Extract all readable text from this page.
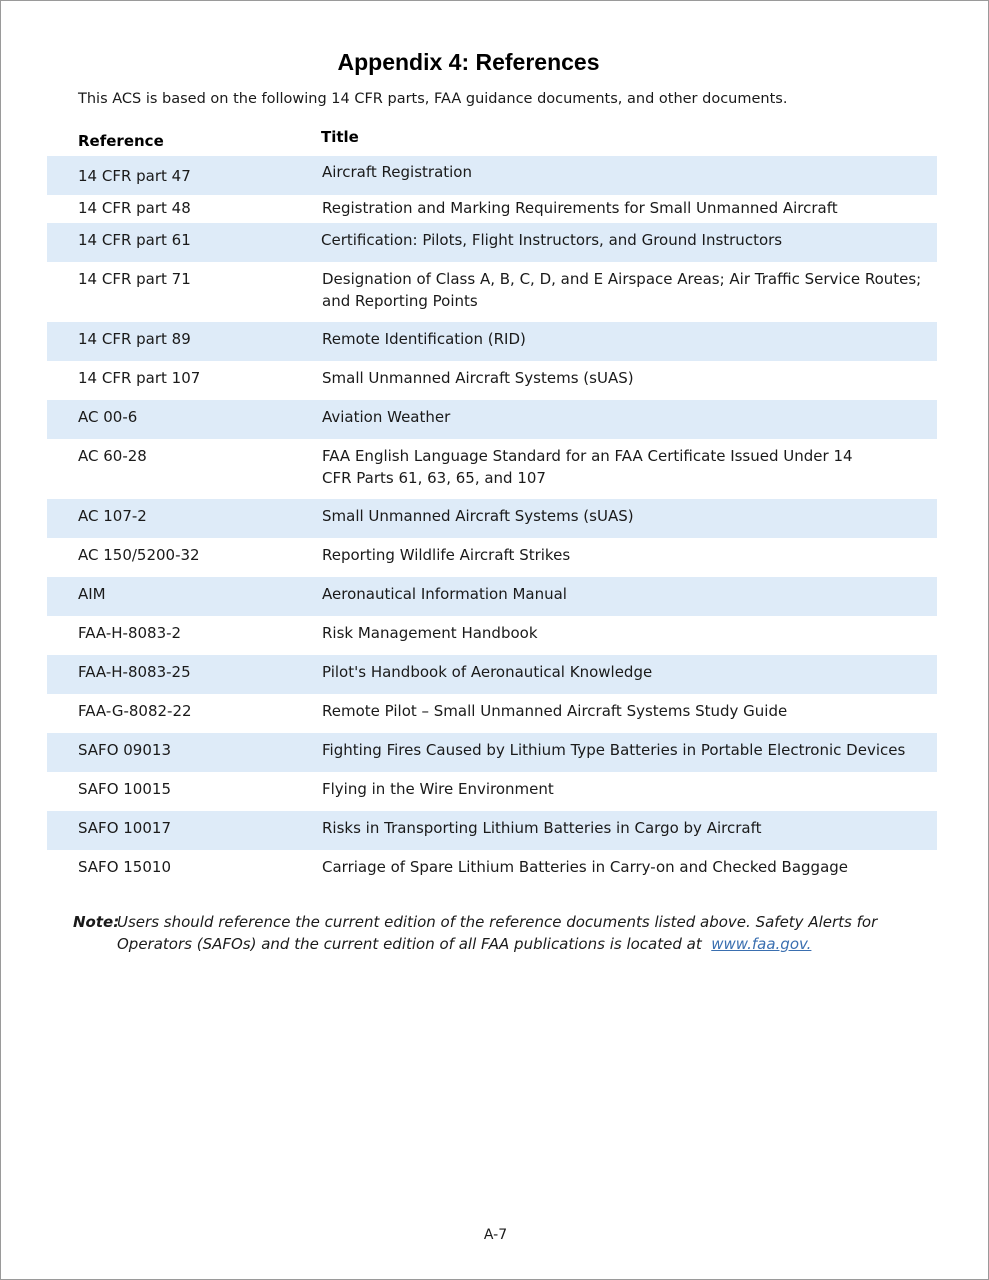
Appendix 4: References
This ACS is based on the following 14 CFR parts, FAA guidance documents, and other documents.
Reference	Title
14 CFR part 47	Aircraft Registration
14 CFR part 48	Registration and Marking Requirements for Small Unmanned Aircraft
14 CFR part 61	Certification: Pilots, Flight Instructors, and Ground Instructors
14 CFR part 71	Designation of Class A, B, C, D, and E Airspace Areas; Air Traffic Service Routes; and Reporting Points
14 CFR part 89	Remote Identification (RID)
14 CFR part 107	Small Unmanned Aircraft Systems (sUAS)
AC 00-6	Aviation Weather
AC 60-28	FAA English Language Standard for an FAA Certificate Issued Under 14 CFR Parts 61, 63, 65, and 107
AC 107-2	Small Unmanned Aircraft Systems (sUAS)
AC 150/5200-32	Reporting Wildlife Aircraft Strikes
AIM	Aeronautical Information Manual
FAA-H-8083-2	Risk Management Handbook
FAA-H-8083-25	Pilot's Handbook of Aeronautical Knowledge
FAA-G-8082-22	Remote Pilot – Small Unmanned Aircraft Systems Study Guide
SAFO 09013	Fighting Fires Caused by Lithium Type Batteries in Portable Electronic Devices
SAFO 10015	Flying in the Wire Environment
SAFO 10017	Risks in Transporting Lithium Batteries in Cargo by Aircraft
SAFO 15010	Carriage of Spare Lithium Batteries in Carry-on and Checked Baggage
Note:
Users should reference the current edition of the reference documents listed above. Safety Alerts for Operators (SAFOs) and the current edition of all FAA publications is located at www.faa.gov.
A-7
